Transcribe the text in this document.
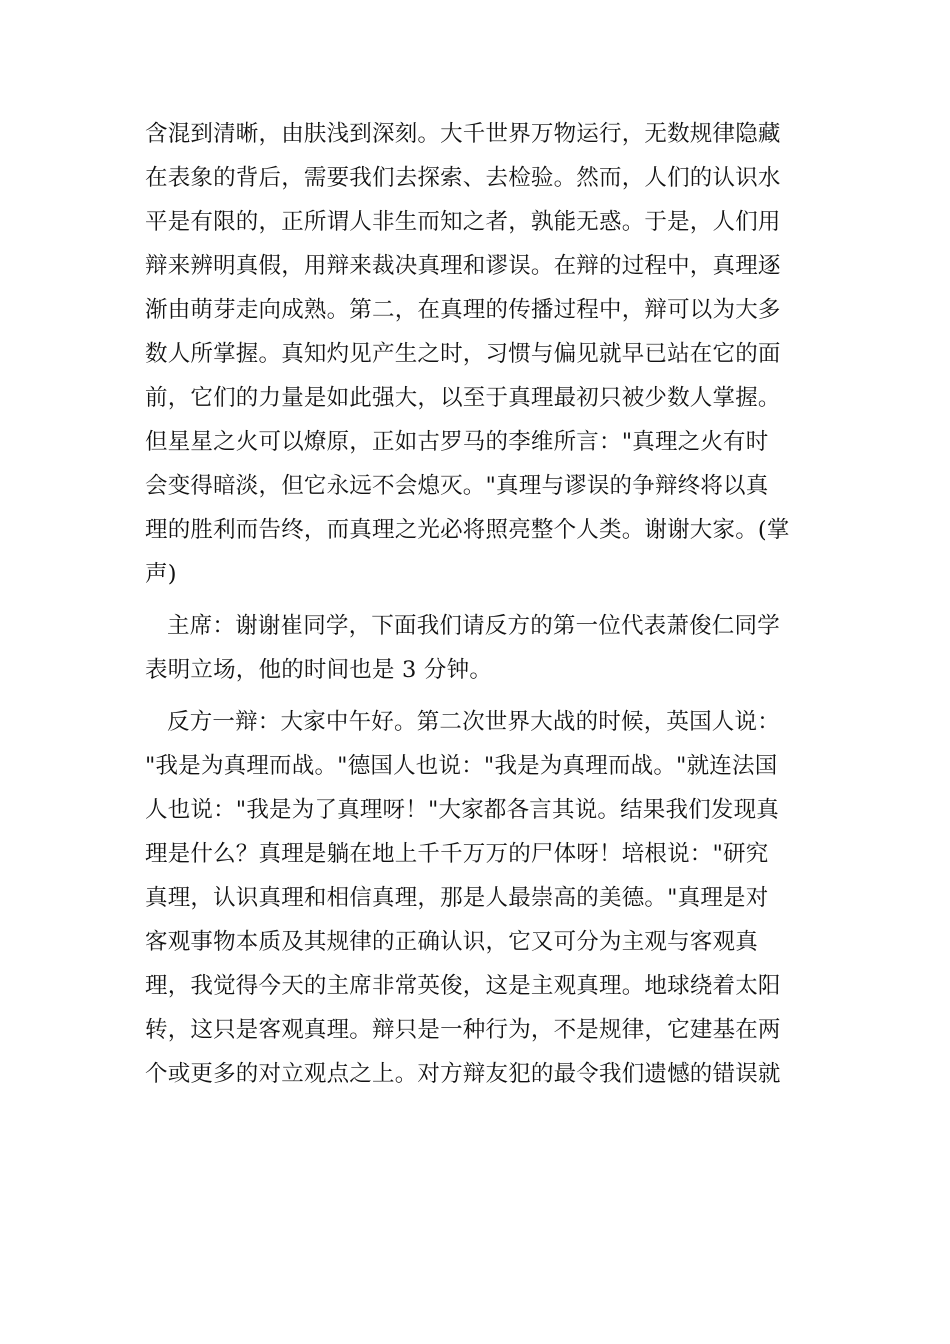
含混到清晰，由肤浅到深刻。大千世界万物运行，无数规律隐藏
在表象的背后，需要我们去探索、去检验。然而，人们的认识水
平是有限的，正所谓人非生而知之者，孰能无惑。于是，人们用
辩来辨明真假，用辩来裁决真理和谬误。在辩的过程中，真理逐
渐由萌芽走向成熟。第二，在真理的传播过程中，辩可以为大多
数人所掌握。真知灼见产生之时，习惯与偏见就早已站在它的面
前，它们的力量是如此强大，以至于真理最初只被少数人掌握。
但星星之火可以燎原，正如古罗马的李维所言："真理之火有时
会变得暗淡，但它永远不会熄灭。"真理与谬误的争辩终将以真
理的胜利而告终，而真理之光必将照亮整个人类。谢谢大家。(掌
声)
主席：谢谢崔同学，下面我们请反方的第一位代表萧俊仁同学
表明立场，他的时间也是 3 分钟。
反方一辩：大家中午好。第二次世界大战的时候，英国人说：
"我是为真理而战。"德国人也说："我是为真理而战。"就连法国
人也说："我是为了真理呀！"大家都各言其说。结果我们发现真
理是什么？真理是躺在地上千千万万的尸体呀！培根说："研究
真理，认识真理和相信真理，那是人最崇高的美德。"真理是对
客观事物本质及其规律的正确认识，它又可分为主观与客观真
理，我觉得今天的主席非常英俊，这是主观真理。地球绕着太阳
转，这只是客观真理。辩只是一种行为，不是规律，它建基在两
个或更多的对立观点之上。对方辩友犯的最令我们遗憾的错误就
